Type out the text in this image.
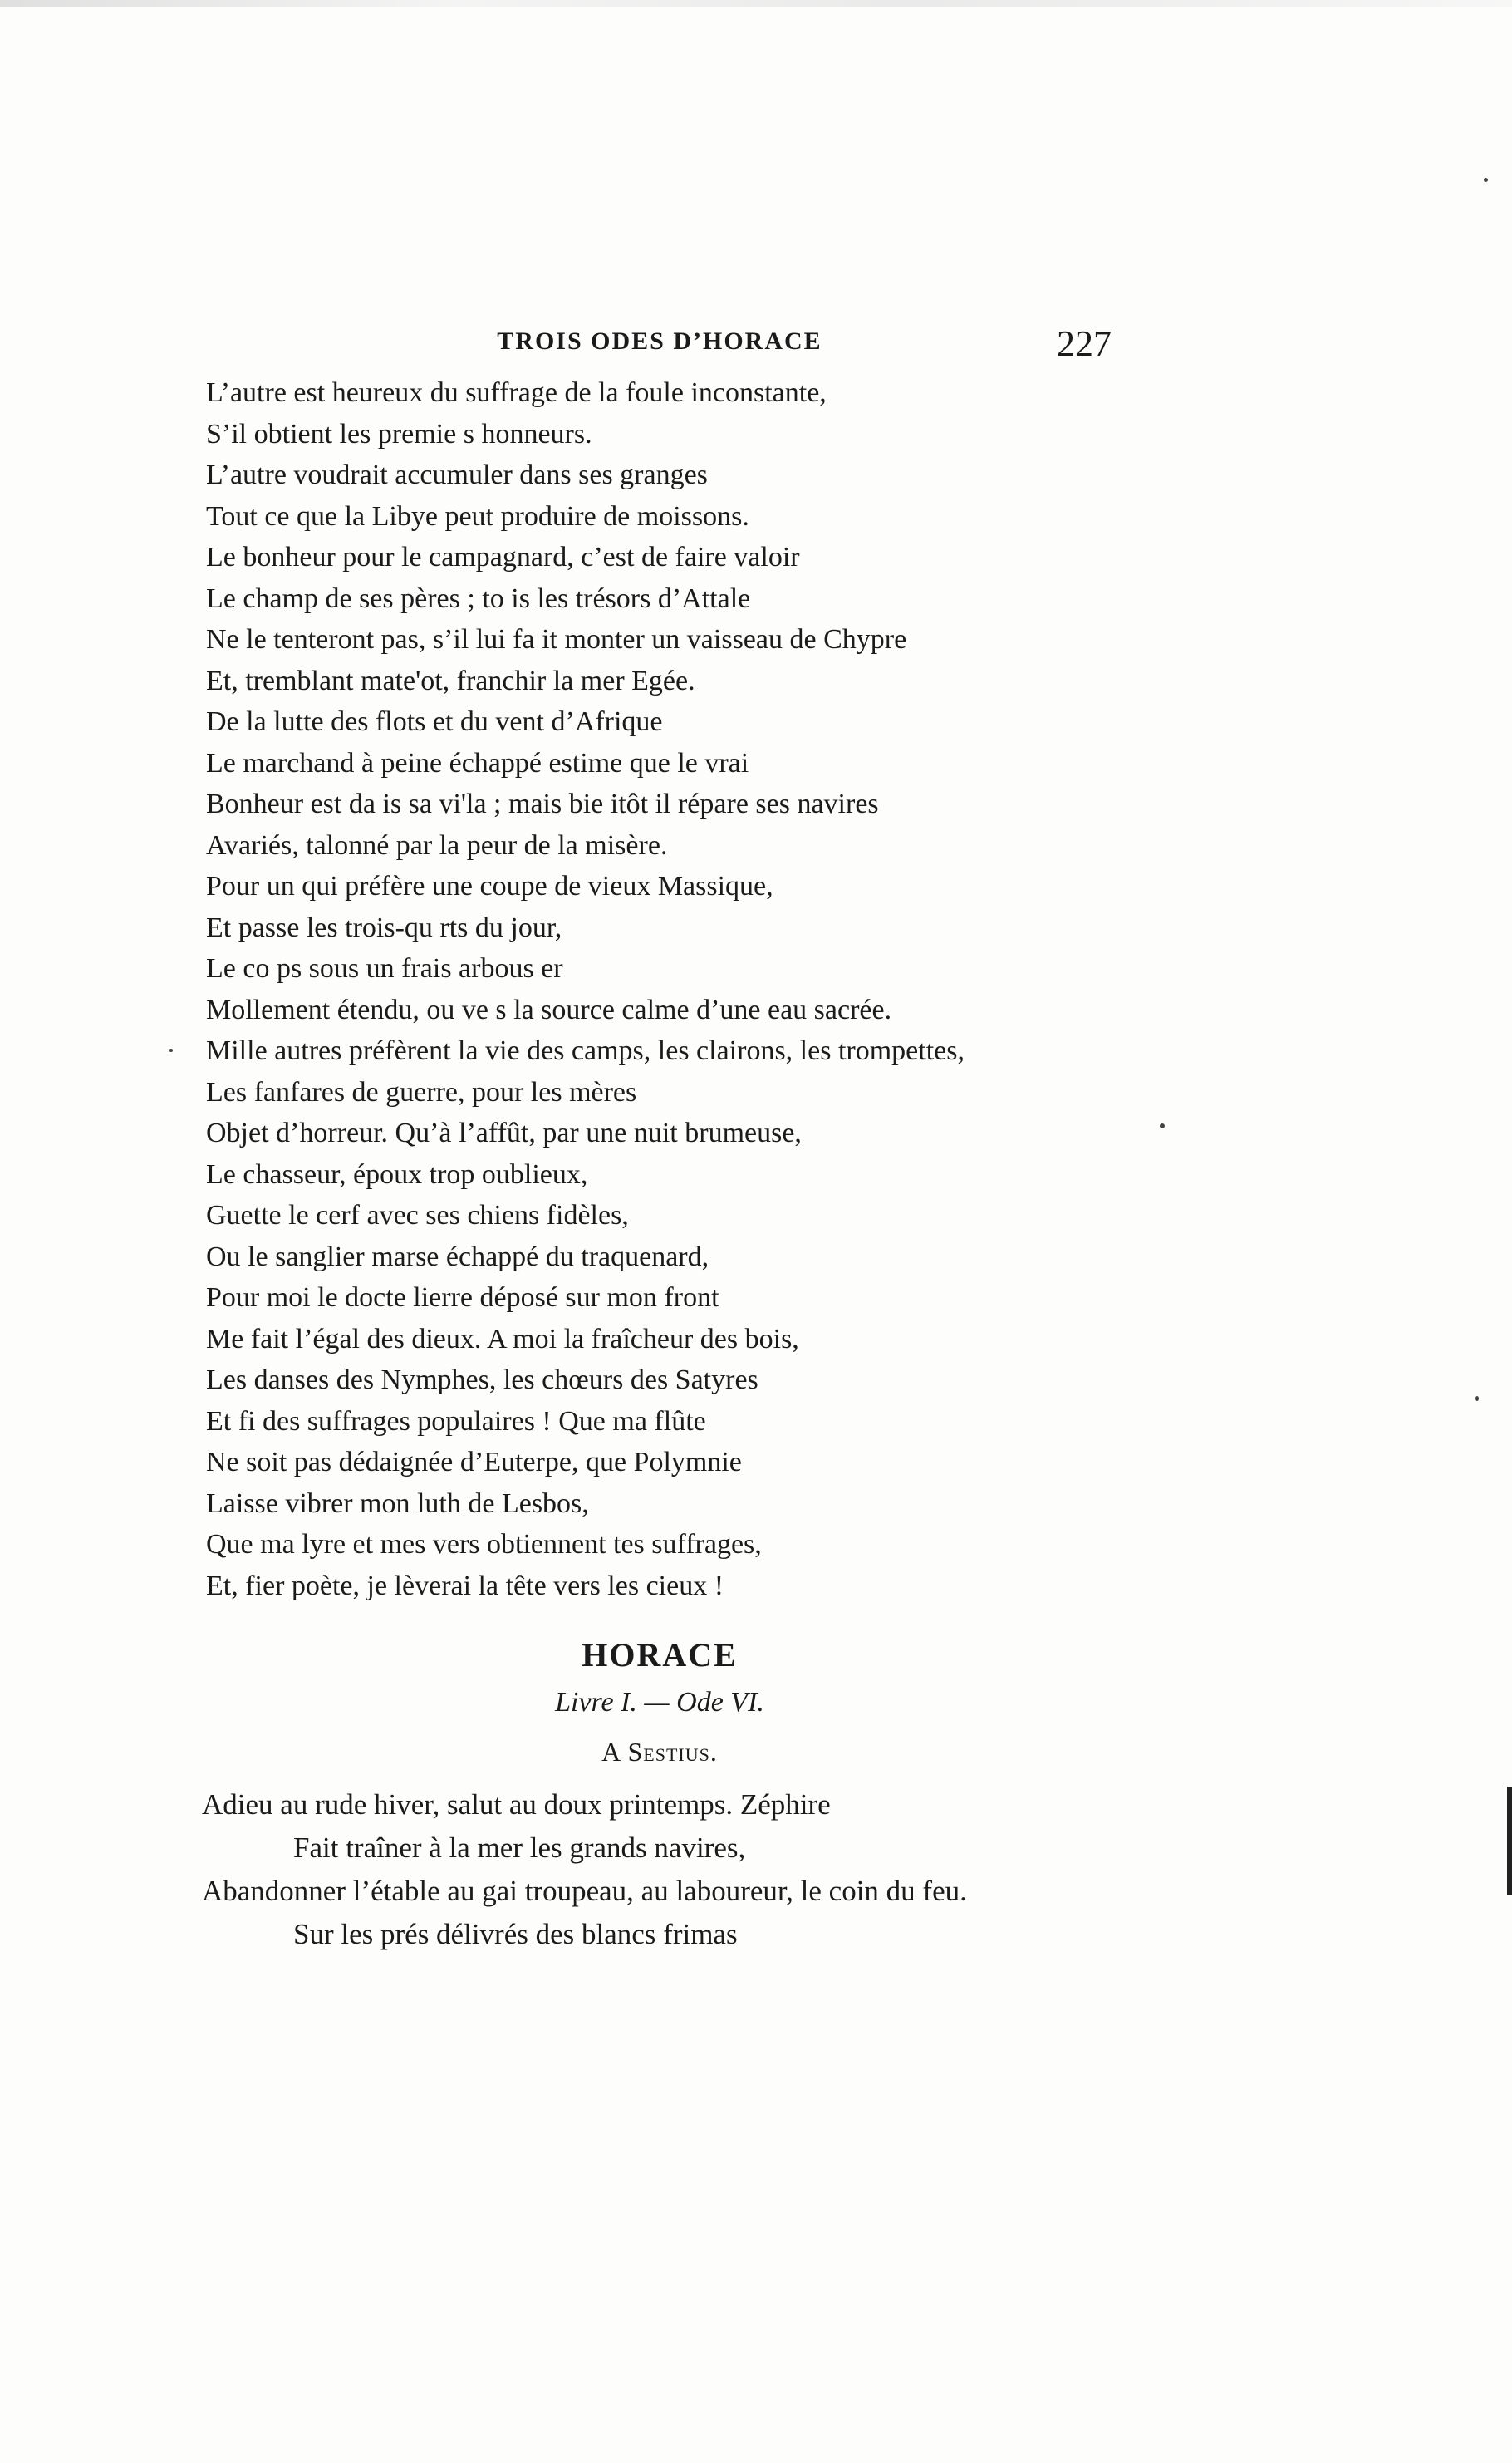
TROIS ODES D’HORACE	227
L’autre est heureux du suffrage de la foule inconstante,
S’il obtient les premie s honneurs.
L’autre voudrait accumuler dans ses granges
Tout ce que la Libye peut produire de moissons.
Le bonheur pour le campagnard, c’est de faire valoir
Le champ de ses pères ; to is les trésors d’Attale
Ne le tenteront pas, s’il lui fa it monter un vaisseau de Chypre
Et, tremblant mate'ot, franchir la mer Egée.
De la lutte des flots et du vent d’Afrique
Le marchand à peine échappé estime que le vrai
Bonheur est da is sa vi'la ; mais bie itôt il répare ses navires
Avariés, talonné par la peur de la misère.
Pour un qui préfère une coupe de vieux Massique,
Et passe les trois-qu rts du jour,
Le co ps sous un frais arbous er
Mollement étendu, ou ve s la source calme d’une eau sacrée.
Mille autres préfèrent la vie des camps, les clairons, les trompettes,
Les fanfares de guerre, pour les mères
Objet d’horreur. Qu’à l’affût, par une nuit brumeuse,
Le chasseur, époux trop oublieux,
Guette le cerf avec ses chiens fidèles,
Ou le sanglier marse échappé du traquenard,
Pour moi le docte lierre déposé sur mon front
Me fait l’égal des dieux. A moi la fraîcheur des bois,
Les danses des Nymphes, les chœurs des Satyres
Et fi des suffrages populaires ! Que ma flûte
Ne soit pas dédaignée d’Euterpe, que Polymnie
Laisse vibrer mon luth de Lesbos,
Que ma lyre et mes vers obtiennent tes suffrages,
Et, fier poète, je lèverai la tête vers les cieux !
HORACE
Livre I. — Ode VI.
A Sestius.
Adieu au rude hiver, salut au doux printemps. Zéphire
Fait traîner à la mer les grands navires,
Abandonner l’étable au gai troupeau, au laboureur, le coin du feu.
Sur les prés délivrés des blancs frimas
